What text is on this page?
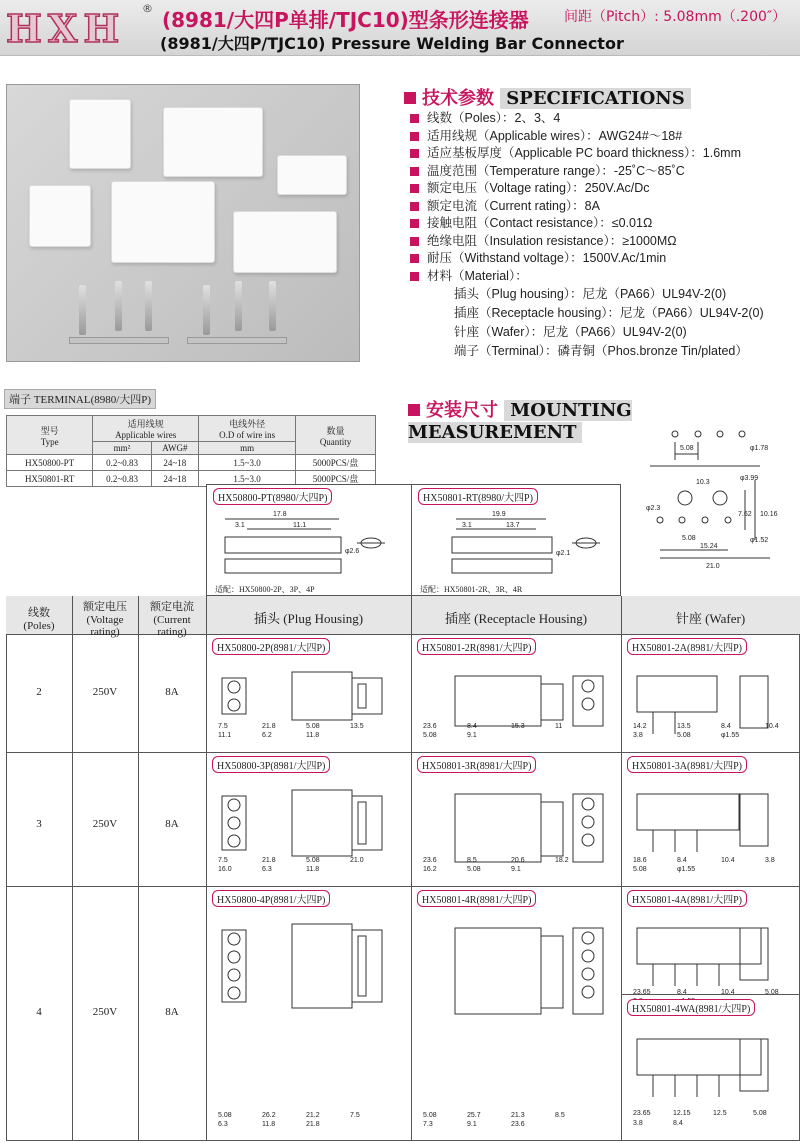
HXH ® (8981/大四P单排/TJC10)型条形连接器
(8981/大四P/TJC10) Pressure Welding Bar Connector
间距（Pitch）: 5.08mm（.200″）
技术参数 SPECIFICATIONS
线数（Poles）：2、3、4
适用线规（Applicable wires）：AWG24#～18#
适应基板厚度（Applicable PC board thickness）：1.6mm
温度范围（Temperature range）：-25˚C～85˚C
额定电压（Voltage rating）：250V.Ac/Dc
额定电流（Current rating）：8A
接触电阻（Contact resistance）：≤0.01Ω
绝缘电阻（Insulation resistance）：≥1000MΩ
耐压（Withstand voltage）：1500V.Ac/1min
材料（Material）：
插头（Plug housing）：尼龙（PA66）UL94V-2(0)
插座（Receptacle housing）：尼龙（PA66）UL94V-2(0)
针座（Wafer）：尼龙（PA66）UL94V-2(0)
端子（Terminal）：磷青铜（Phos.bronze Tin/plated）
端子 TERMINAL(8980/大四P)
型号
Type	适用线规
Applicable wires		电线外径
O.D of wire ins	数量
Quantity
	mm²	AWG#	mm	
HX50800-PT	0.2~0.83	24~18	1.5~3.0	5000PCS/盘
HX50801-RT	0.2~0.83	24~18	1.5~3.0	5000PCS/盘
安装尺寸 MOUNTING MEASUREMENT
5.08	φ1.78
10.3
φ3.99
φ2.3
7.62 10.16
5.08
15.24
21.0
φ1.52
HX50800-PT(8980/大四P)
17.8
3.1	11.1
φ2.6
适配：HX50800-2P、3P、4P
HX50801-RT(8980/大四P)
19.9
3.1	13.7
φ2.1
适配：HX50801-2R、3R、4R
线数
(Poles)
额定电压
(Voltage rating)
额定电流
(Current rating)
插头 (Plug Housing)	插座 (Receptacle Housing)	针座 (Wafer)
2	250V	8A
3	250V	8A
4	250V	8A
HX50800-2P(8981/大四P)
7.5	21.8	5.08	13.5
11.1	6.2	11.8
HX50801-2R(8981/大四P)
23.6	8.4	15.3	11
5.08	9.1
HX50801-2A(8981/大四P)
14.2	13.5	8.4	10.4
3.8	5.08	φ1.55
HX50800-3P(8981/大四P)
7.5	21.8	5.08	21.0
16.0	6.3	11.8
HX50801-3R(8981/大四P)
23.6	8.5	20.6	18.2
16.2	5.08	9.1
HX50801-3A(8981/大四P)
18.6	8.4	10.4	3.8
5.08	φ1.55
HX50800-4P(8981/大四P)
5.08	26.2	21.2	7.5
6.3	11.8	21.8
HX50801-4R(8981/大四P)
5.08	25.7	21.3	8.5
7.3	9.1	23.6
HX50801-4A(8981/大四P)
23.65	8.4	10.4	5.08
HX50801-4WA(8981/大四P)
23.65	12.15	12.5	5.08
3.8	8.4
